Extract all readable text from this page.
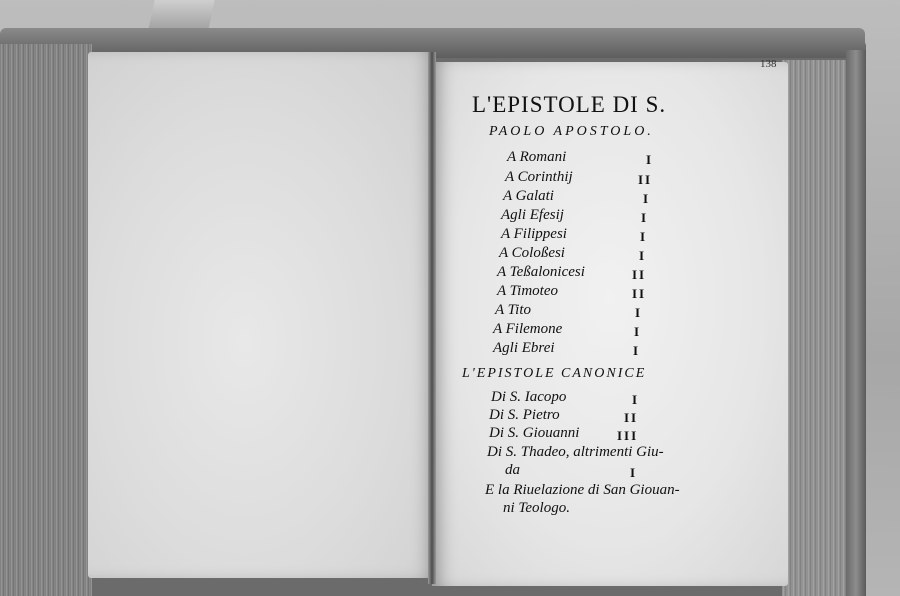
138
L'EPISTOLE DI S.
PAOLO APOSTOLO.
A Romani	I
A Corinthij	II
A Galati	I
Agli Efesij	I
A Filippesi	I
A Coloßesi	I
A Teßalonicesi	II
A Timoteo	II
A Tito	I
A Filemone	I
Agli Ebrei	I
L'EPISTOLE CANONICE
Di S. Iacopo	I
Di S. Pietro	II
Di S. Giouanni	III
Di S. Thadeo, altrimenti Giu-
da	I
E la Riuelazione di San Giouan-
ni Teologo.
